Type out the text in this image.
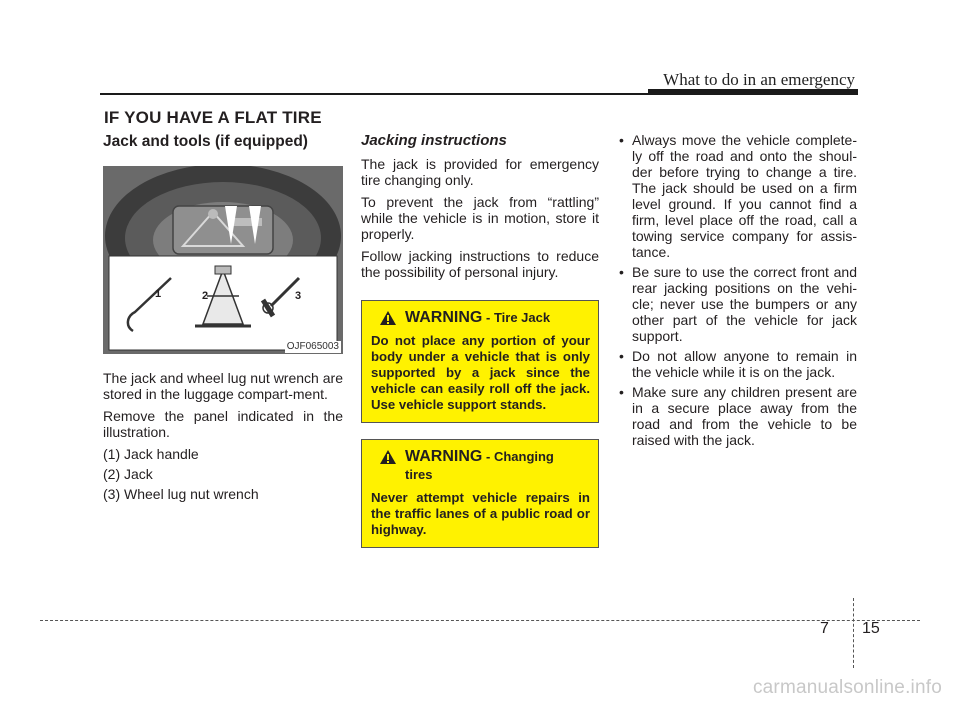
What to do in an emergency
IF YOU HAVE A FLAT TIRE
Jack and tools (if equipped)
1	2	3
OJF065003

The jack and wheel lug nut wrench are stored in the luggage compart-ment.

Remove the panel indicated in the illustration.

(1) Jack handle
(2) Jack
(3) Wheel lug nut wrench
Jacking instructions

The jack is provided for emergency tire changing only.

To prevent the jack from “rattling” while the vehicle is in motion, store it properly.

Follow jacking instructions to reduce the possibility of personal injury.

WARNING - Tire Jack
Do not place any portion of your body under a vehicle that is only supported by a jack since the vehicle can easily roll off the jack. Use vehicle support stands.
WARNING - Changing tires
Never attempt vehicle repairs in the traffic lanes of a public road or highway.
• Always move the vehicle complete-ly off the road and onto the shoul-der before trying to change a tire. The jack should be used on a firm level ground. If you cannot find a firm, level place off the road, call a towing service company for assis-tance.
• Be sure to use the correct front and rear jacking positions on the vehi-cle; never use the bumpers or any other part of the vehicle for jack support.
• Do not allow anyone to remain in the vehicle while it is on the jack.
• Make sure any children present are in a secure place away from the road and from the vehicle to be raised with the jack.
7 15
carmanualsonline.info
